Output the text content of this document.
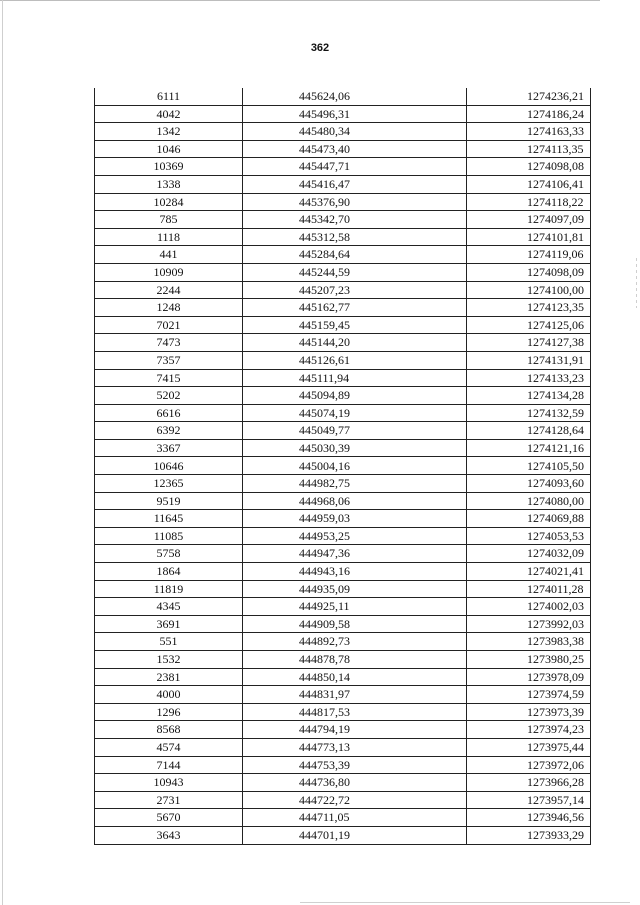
362
6111	445624,06	1274236,21
4042	445496,31	1274186,24
1342	445480,34	1274163,33
1046	445473,40	1274113,35
10369	445447,71	1274098,08
1338	445416,47	1274106,41
10284	445376,90	1274118,22
785	445342,70	1274097,09
1118	445312,58	1274101,81
441	445284,64	1274119,06
10909	445244,59	1274098,09
2244	445207,23	1274100,00
1248	445162,77	1274123,35
7021	445159,45	1274125,06
7473	445144,20	1274127,38
7357	445126,61	1274131,91
7415	445111,94	1274133,23
5202	445094,89	1274134,28
6616	445074,19	1274132,59
6392	445049,77	1274128,64
3367	445030,39	1274121,16
10646	445004,16	1274105,50
12365	444982,75	1274093,60
9519	444968,06	1274080,00
11645	444959,03	1274069,88
11085	444953,25	1274053,53
5758	444947,36	1274032,09
1864	444943,16	1274021,41
11819	444935,09	1274011,28
4345	444925,11	1274002,03
3691	444909,58	1273992,03
551	444892,73	1273983,38
1532	444878,78	1273980,25
2381	444850,14	1273978,09
4000	444831,97	1273974,59
1296	444817,53	1273973,39
8568	444794,19	1273974,23
4574	444773,13	1273975,44
7144	444753,39	1273972,06
10943	444736,80	1273966,28
2731	444722,72	1273957,14
5670	444711,05	1273946,56
3643	444701,19	1273933,29
